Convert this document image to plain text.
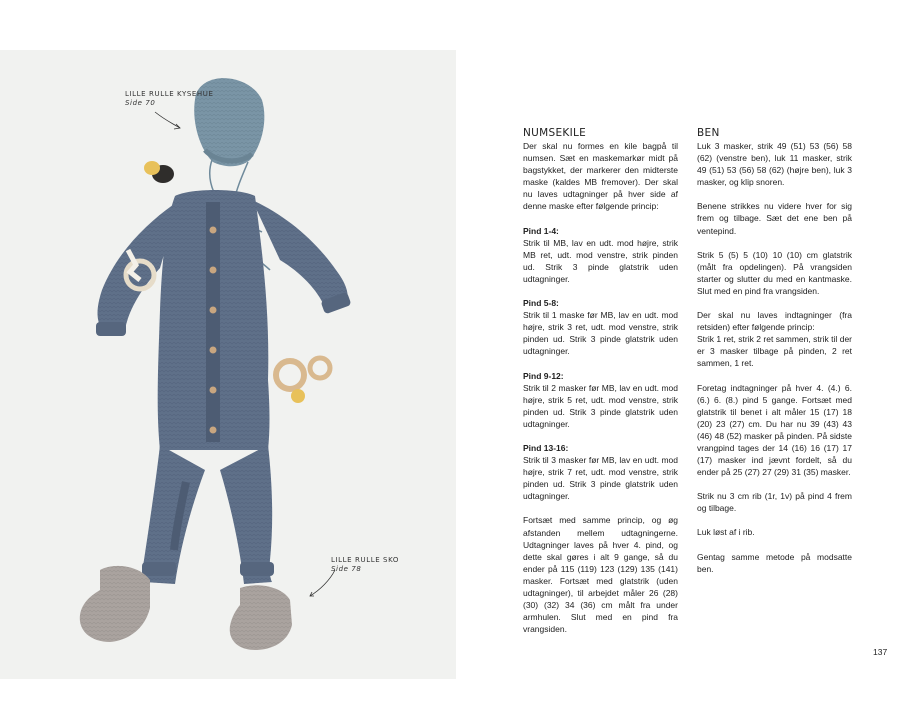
LILLE RULLE KYSEHUE
Side 70
LILLE RULLE SKO
Side 78
NUMSEKILE

Der skal nu formes en kile bagpå til numsen. Sæt en maskemarkør midt på bagstykket, der markerer den midterste maske (kaldes MB fremover). Der skal nu laves udtagninger på hver side af denne maske efter følgende princip:

Pind 1-4:
Strik til MB, lav en udt. mod højre, strik MB ret, udt. mod venstre, strik pinden ud. Strik 3 pinde glatstrik uden udtagninger.

Pind 5-8:
Strik til 1 maske før MB, lav en udt. mod højre, strik 3 ret, udt. mod venstre, strik pinden ud. Strik 3 pinde glatstrik uden udtagninger.

Pind 9-12:
Strik til 2 masker før MB, lav en udt. mod højre, strik 5 ret, udt. mod venstre, strik pinden ud. Strik 3 pinde glatstrik uden udtagninger.

Pind 13-16:
Strik til 3 masker før MB, lav en udt. mod højre, strik 7 ret, udt. mod venstre, strik pinden ud. Strik 3 pinde glatstrik uden udtagninger.

Fortsæt med samme princip, og øg afstanden mellem udtagningerne. Udtagninger laves på hver 4. pind, og dette skal gøres i alt 9 gange, så du ender på 115 (119) 123 (129) 135 (141) masker. Fortsæt med glatstrik (uden udtagninger), til arbejdet måler 26 (28) (30) (32) 34 (36) cm målt fra under armhulen. Slut med en pind fra vrangsiden.

BEN

Luk 3 masker, strik 49 (51) 53 (56) 58 (62) (venstre ben), luk 11 masker, strik 49 (51) 53 (56) 58 (62) (højre ben), luk 3 masker, og klip snoren.

Benene strikkes nu videre hver for sig frem og tilbage. Sæt det ene ben på ventepind.

Strik 5 (5) 5 (10) 10 (10) cm glatstrik (målt fra opdelingen). På vrangsiden starter og slutter du med en kantmaske. Slut med en pind fra vrangsiden.

Der skal nu laves indtagninger (fra retsiden) efter følgende princip:
Strik 1 ret, strik 2 ret sammen, strik til der er 3 masker tilbage på pinden, 2 ret sammen, 1 ret.

Foretag indtagninger på hver 4. (4.) 6. (6.) 6. (8.) pind 5 gange. Fortsæt med glatstrik til benet i alt måler 15 (17) 18 (20) 23 (27) cm. Du har nu 39 (43) 43 (46) 48 (52) masker på pinden. På sidste vrangpind tages der 14 (16) 16 (17) 17 (17) masker ind jævnt fordelt, så du ender på 25 (27) 27 (29) 31 (35) masker.

Strik nu 3 cm rib (1r, 1v) på pind 4 frem og tilbage.

Luk løst af i rib.

Gentag samme metode på modsatte ben.

137
